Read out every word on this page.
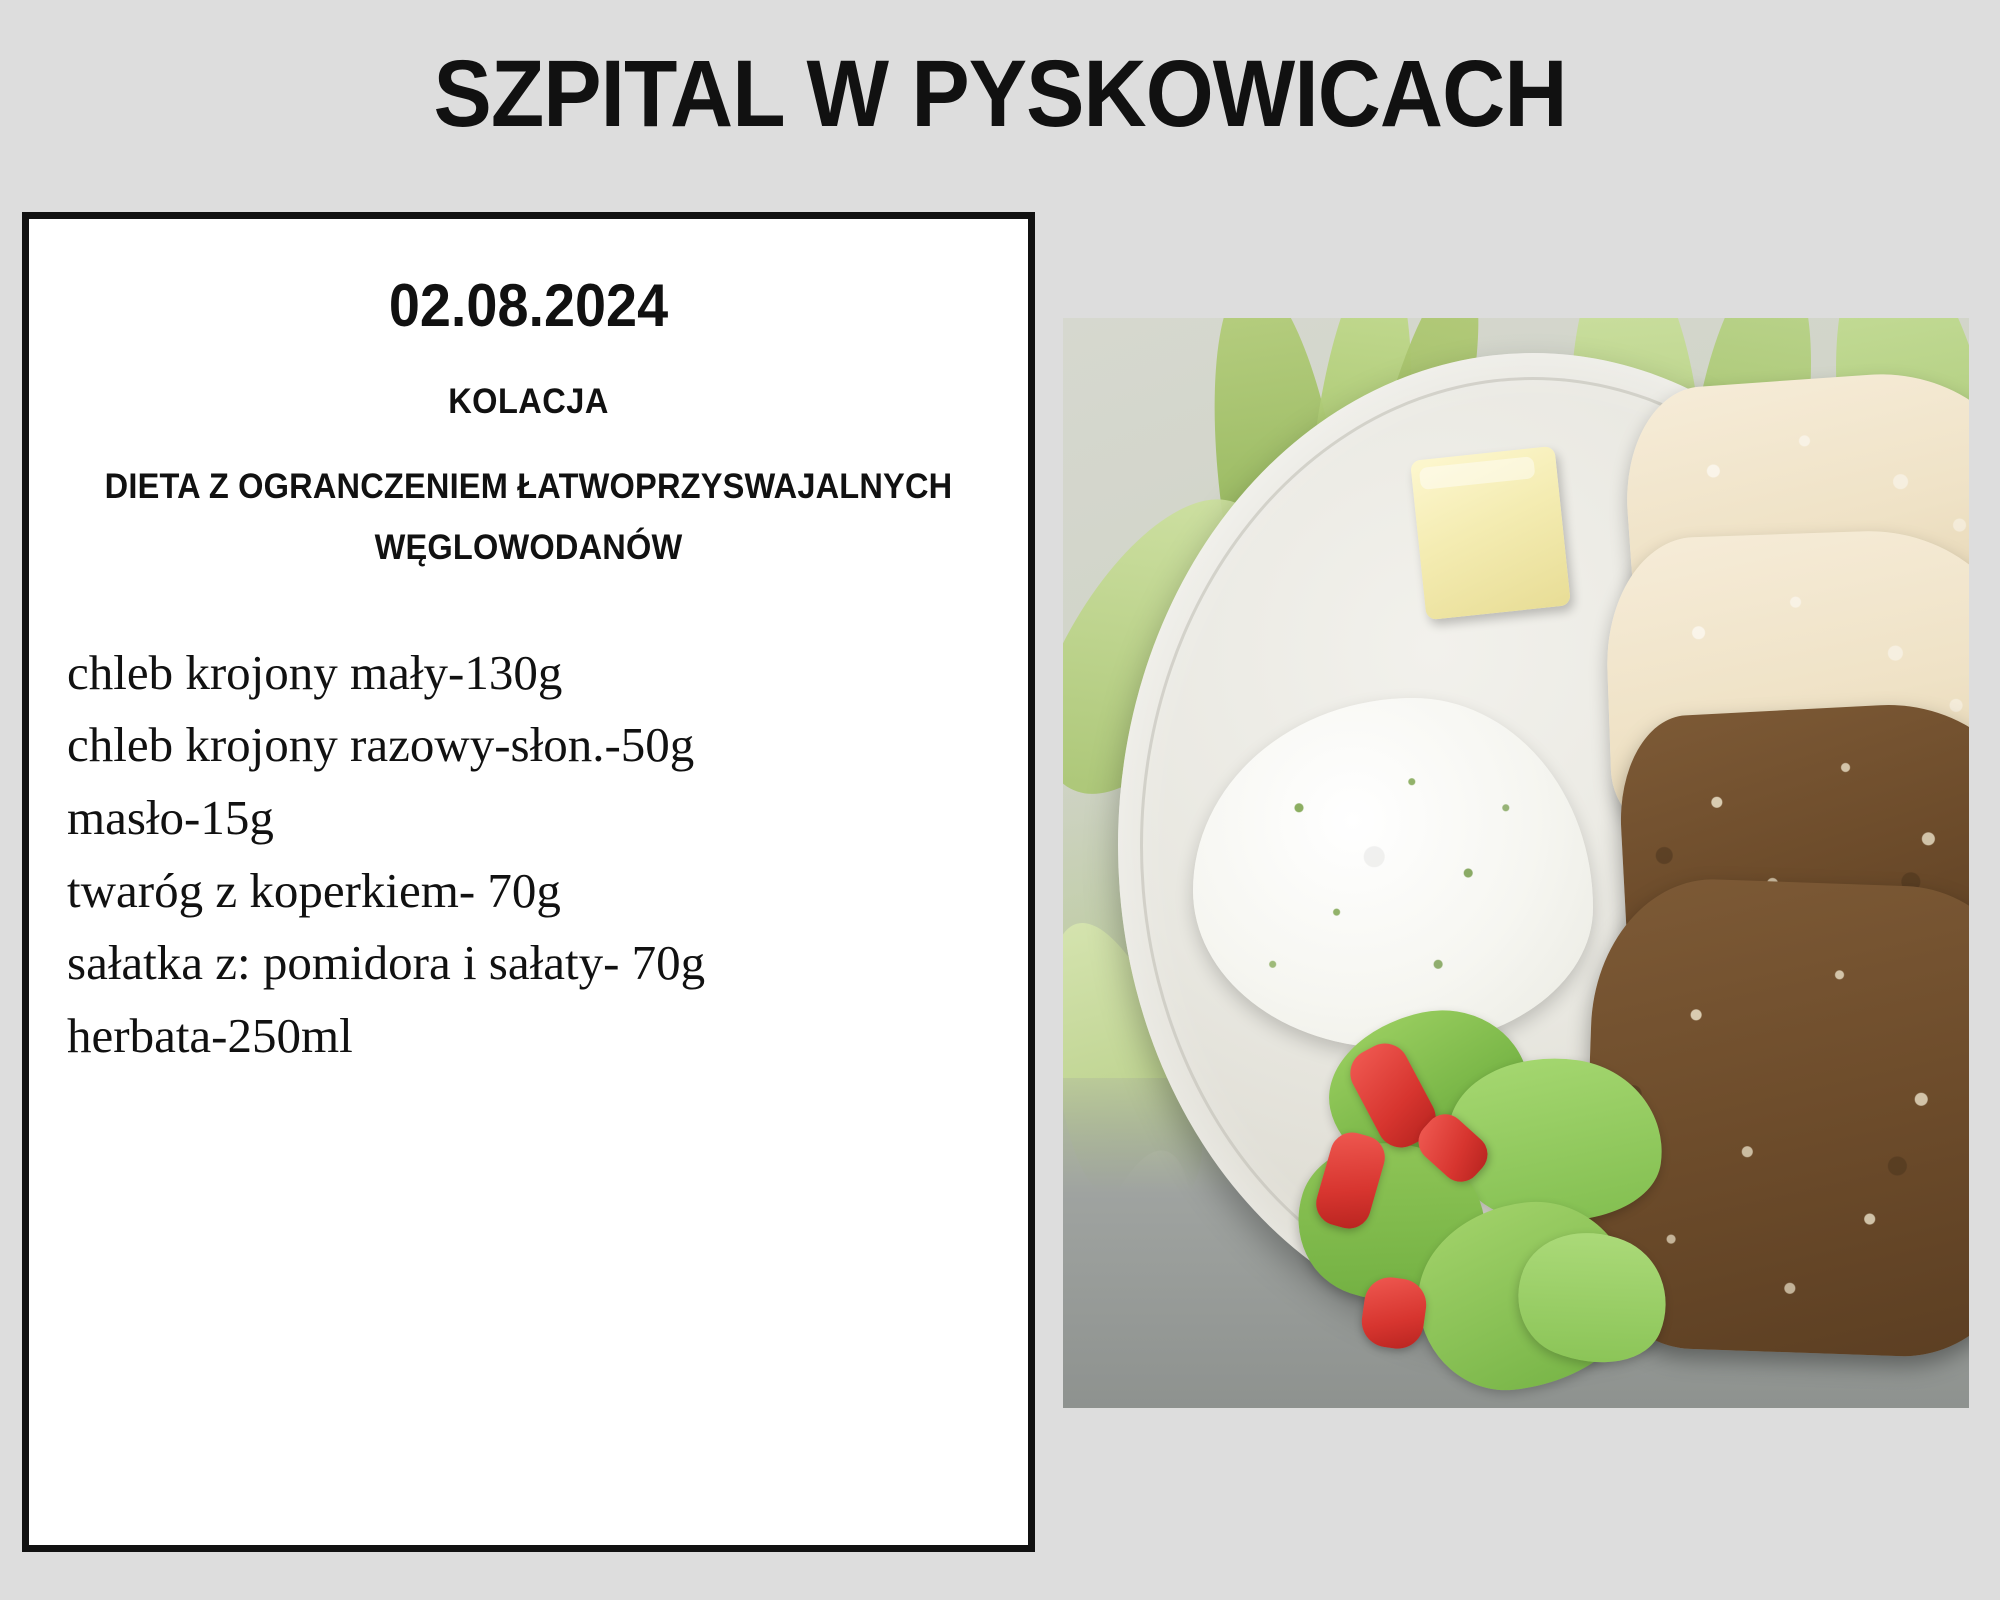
SZPITAL W PYSKOWICACH
02.08.2024
KOLACJA
DIETA Z OGRANCZENIEM ŁATWOPRZYSWAJALNYCH
WĘGLOWODANÓW
chleb krojony mały-130g
chleb krojony razowy-słon.-50g
masło-15g
twaróg z koperkiem- 70g
sałatka z: pomidora i sałaty- 70g
herbata-250ml
